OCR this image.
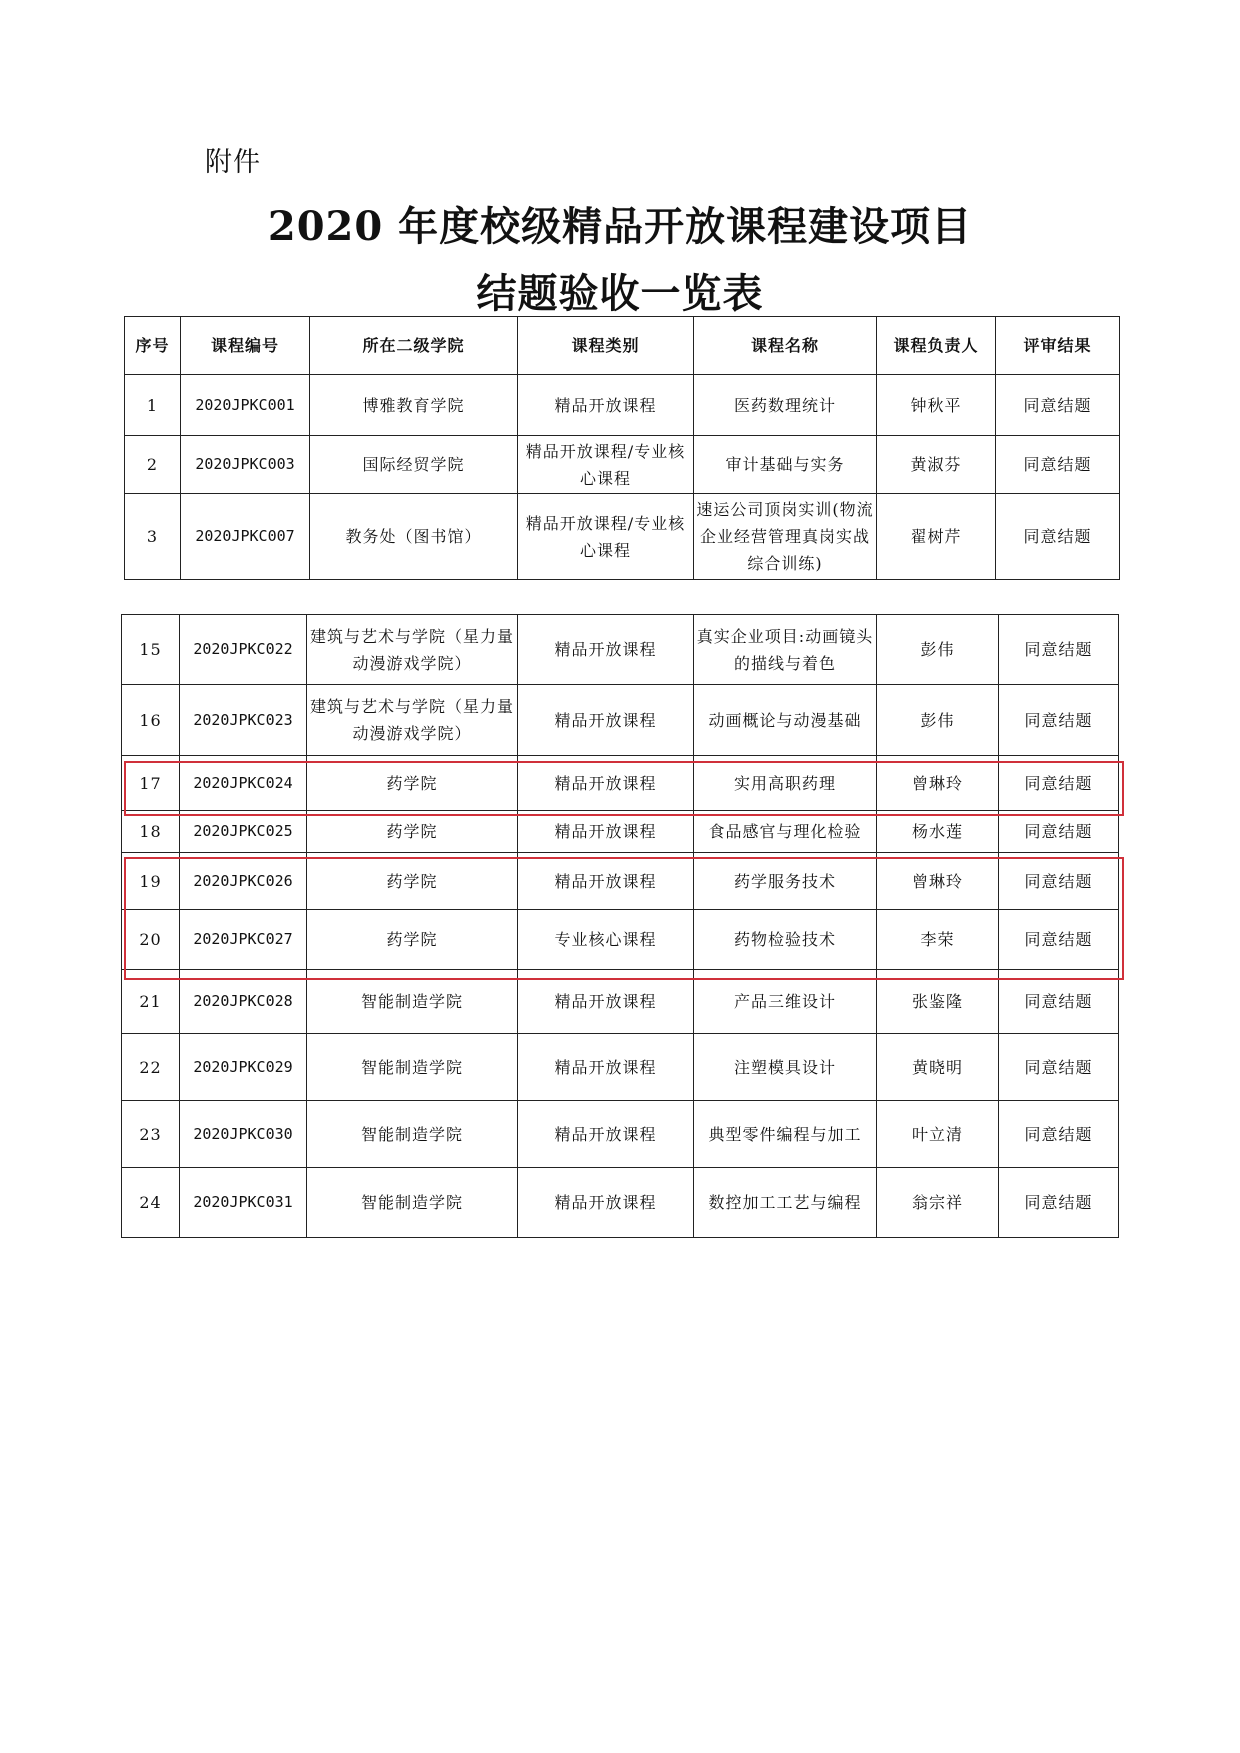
附件
2020 年度校级精品开放课程建设项目
结题验收一览表
序号	课程编号	所在二级学院	课程类别	课程名称	课程负责人	评审结果
1	2020JPKC001	博雅教育学院	精品开放课程	医药数理统计	钟秋平	同意结题
2	2020JPKC003	国际经贸学院	精品开放课程/专业核心课程	审计基础与实务	黄淑芬	同意结题
3	2020JPKC007	教务处（图书馆）	精品开放课程/专业核心课程	速运公司顶岗实训(物流企业经营管理真岗实战综合训练)	翟树芹	同意结题
15	2020JPKC022	建筑与艺术与学院（星力量动漫游戏学院）	精品开放课程	真实企业项目:动画镜头的描线与着色	彭伟	同意结题
16	2020JPKC023	建筑与艺术与学院（星力量动漫游戏学院）	精品开放课程	动画概论与动漫基础	彭伟	同意结题
17	2020JPKC024	药学院	精品开放课程	实用高职药理	曾琳玲	同意结题
18	2020JPKC025	药学院	精品开放课程	食品感官与理化检验	杨水莲	同意结题
19	2020JPKC026	药学院	精品开放课程	药学服务技术	曾琳玲	同意结题
20	2020JPKC027	药学院	专业核心课程	药物检验技术	李荣	同意结题
21	2020JPKC028	智能制造学院	精品开放课程	产品三维设计	张鉴隆	同意结题
22	2020JPKC029	智能制造学院	精品开放课程	注塑模具设计	黄晓明	同意结题
23	2020JPKC030	智能制造学院	精品开放课程	典型零件编程与加工	叶立清	同意结题
24	2020JPKC031	智能制造学院	精品开放课程	数控加工工艺与编程	翁宗祥	同意结题
